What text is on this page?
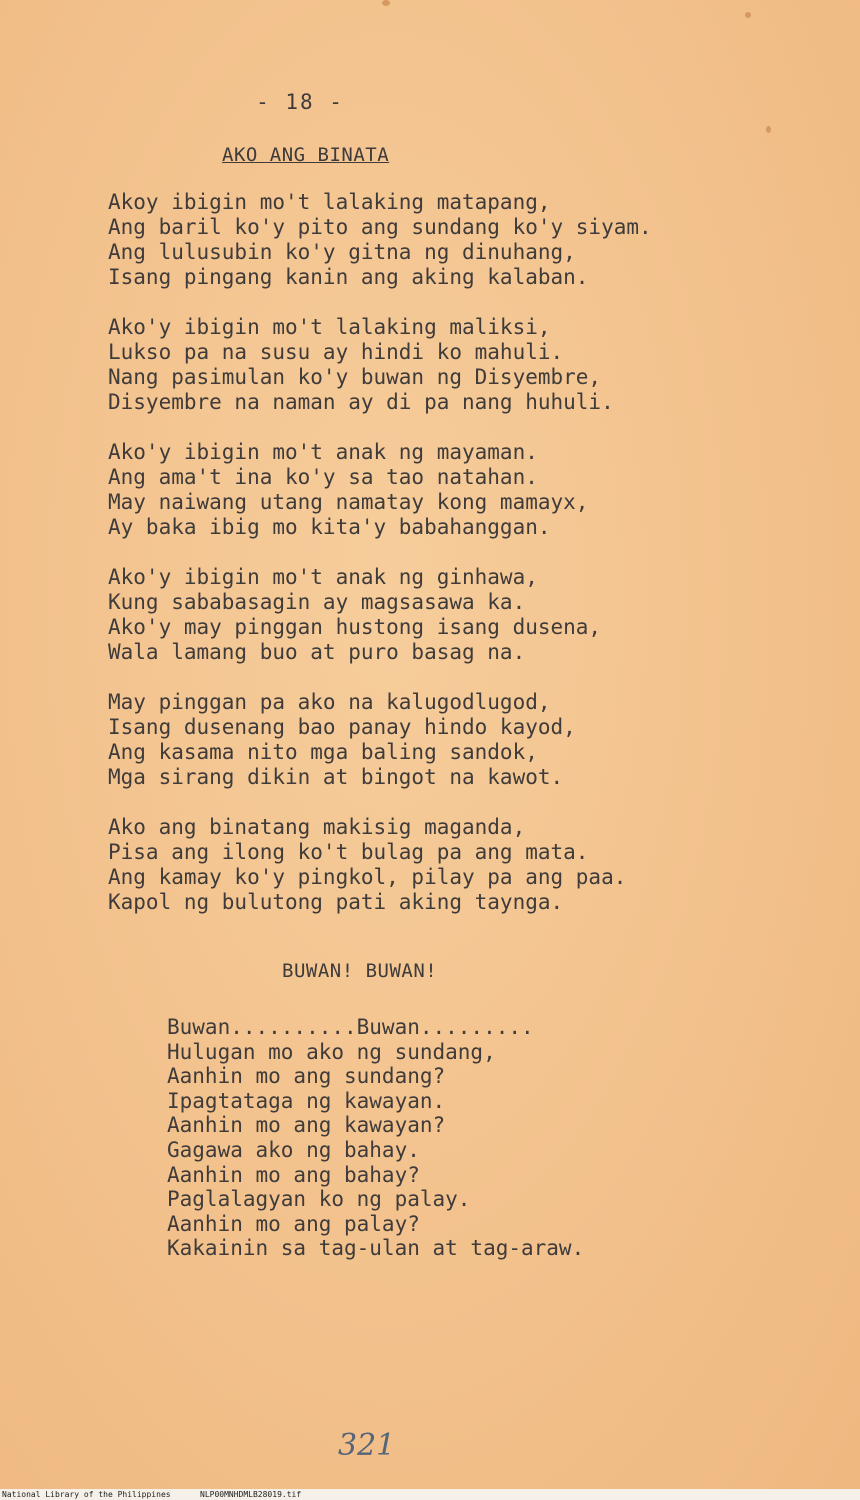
- 18 -
AKO ANG BINATA
Akoy ibigin mo't lalaking matapang,
Ang baril ko'y pito ang sundang ko'y siyam.
Ang lulusubin ko'y gitna ng dinuhang,
Isang pingang kanin ang aking kalaban.
Ako'y ibigin mo't lalaking maliksi,
Lukso pa na susu ay hindi ko mahuli.
Nang pasimulan ko'y buwan ng Disyembre,
Disyembre na naman ay di pa nang huhuli.
Ako'y ibigin mo't anak ng mayaman.
Ang ama't ina ko'y sa tao natahan.
May naiwang utang namatay kong mamayx,
Ay baka ibig mo kita'y babahanggan.
Ako'y ibigin mo't anak ng ginhawa,
Kung sababasagin ay magsasawa ka.
Ako'y may pinggan hustong isang dusena,
Wala lamang buo at puro basag na.
May pinggan pa ako na kalugodlugod,
Isang dusenang bao panay hindo kayod,
Ang kasama nito mga baling sandok,
Mga sirang dikin at bingot na kawot.
Ako ang binatang makisig maganda,
Pisa ang ilong ko't bulag pa ang mata.
Ang kamay ko'y pingkol, pilay pa ang paa.
Kapol ng bulutong pati aking taynga.
BUWAN! BUWAN!
Buwan..........Buwan.........
Hulugan mo ako ng sundang,
Aanhin mo ang sundang?
Ipagtataga ng kawayan.
Aanhin mo ang kawayan?
Gagawa ako ng bahay.
Aanhin mo ang bahay?
Paglalagyan ko ng palay.
Aanhin mo ang palay?
Kakainin sa tag-ulan at tag-araw.
321
National Library of the Philippines	NLP00MNHDMLB28019.tif
